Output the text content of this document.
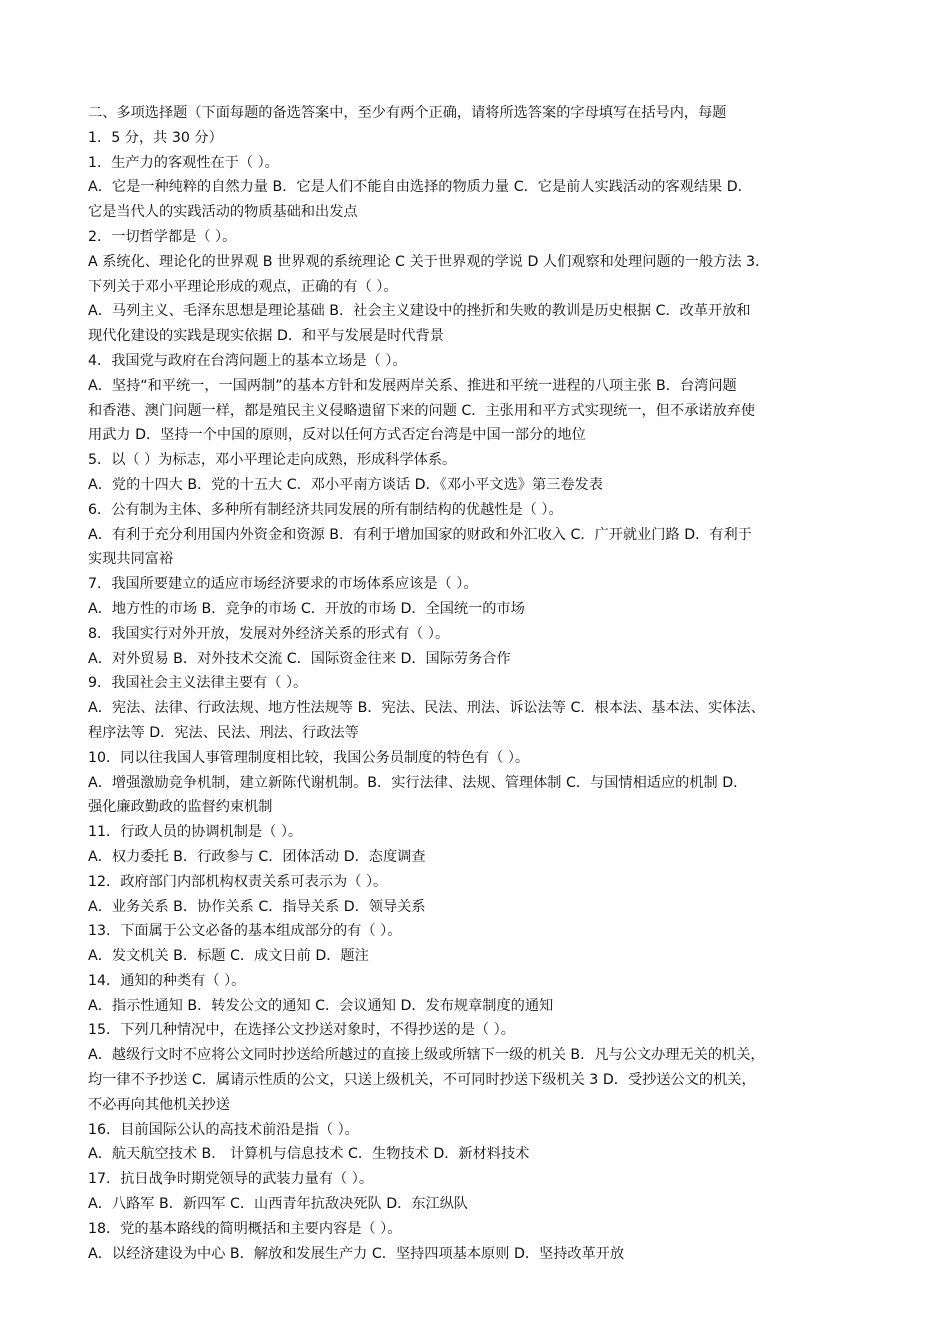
二、多项选择题（下面每题的备选答案中，至少有两个正确，请将所选答案的字母填写在括号内，每题
1．5 分，共 30 分）
1．生产力的客观性在于（ ）。
A．它是一种纯粹的自然力量 B．它是人们不能自由选择的物质力量 C．它是前人实践活动的客观结果 D．
它是当代人的实践活动的物质基础和出发点
2．一切哲学都是（ ）。
A 系统化、理论化的世界观 B 世界观的系统理论 C 关于世界观的学说 D 人们观察和处理问题的一般方法 3．
下列关于邓小平理论形成的观点，正确的有（ ）。
A．马列主义、毛泽东思想是理论基础 B．社会主义建设中的挫折和失败的教训是历史根据 C．改革开放和
现代化建设的实践是现实依据 D．和平与发展是时代背景
4．我国党与政府在台湾问题上的基本立场是（ ）。
A．坚持“和平统一，一国两制”的基本方针和发展两岸关系、推进和平统一进程的八项主张 B．台湾问题
和香港、澳门问题一样，都是殖民主义侵略遗留下来的问题 C．主张用和平方式实现统一，但不承诺放弃使
用武力 D．坚持一个中国的原则，反对以任何方式否定台湾是中国一部分的地位
5．以（ ）为标志，邓小平理论走向成熟，形成科学体系。
A．党的十四大 B．党的十五大 C．邓小平南方谈话 D．《邓小平文选》第三卷发表
6．公有制为主体、多种所有制经济共同发展的所有制结构的优越性是（ ）。
A．有利于充分利用国内外资金和资源 B．有利于增加国家的财政和外汇收入 C．广开就业门路 D．有利于
实现共同富裕
7．我国所要建立的适应市场经济要求的市场体系应该是（ ）。
A．地方性的市场 B．竞争的市场 C．开放的市场 D．全国统一的市场
8．我国实行对外开放，发展对外经济关系的形式有（ ）。
A．对外贸易 B．对外技术交流 C．国际资金往来 D．国际劳务合作
9．我国社会主义法律主要有（ ）。
A．宪法、法律、行政法规、地方性法规等 B．宪法、民法、刑法、诉讼法等 C．根本法、基本法、实体法、
程序法等 D．宪法、民法、刑法、行政法等
10．同以往我国人事管理制度相比较，我国公务员制度的特色有（ ）。
A．增强激励竞争机制，建立新陈代谢机制。B．实行法律、法规、管理体制 C．与国情相适应的机制 D．
强化廉政勤政的监督约束机制
11．行政人员的协调机制是（ ）。
A．权力委托 B．行政参与 C．团体活动 D．态度调查
12．政府部门内部机构权责关系可表示为（ ）。
A．业务关系 B．协作关系 C．指导关系 D．领导关系
13．下面属于公文必备的基本组成部分的有（ ）。
A．发文机关 B．标题 C．成文日前 D．题注
14．通知的种类有（ ）。
A．指示性通知 B．转发公文的通知 C．会议通知 D．发布规章制度的通知
15．下列几种情况中，在选择公文抄送对象时，不得抄送的是（ ）。
A．越级行文时不应将公文同时抄送给所越过的直接上级或所辖下一级的机关 B．凡与公文办理无关的机关，
均一律不予抄送 C．属请示性质的公文，只送上级机关，不可同时抄送下级机关 3 D．受抄送公文的机关，
不必再向其他机关抄送
16．目前国际公认的高技术前沿是指（ ）。
A．航天航空技术 B． 计算机与信息技术 C．生物技术 D．新材料技术
17．抗日战争时期党领导的武装力量有（ ）。
A．八路军 B．新四军 C．山西青年抗敌决死队 D．东江纵队
18．党的基本路线的简明概括和主要内容是（ ）。
A．以经济建设为中心 B．解放和发展生产力 C．坚持四项基本原则 D．坚持改革开放
